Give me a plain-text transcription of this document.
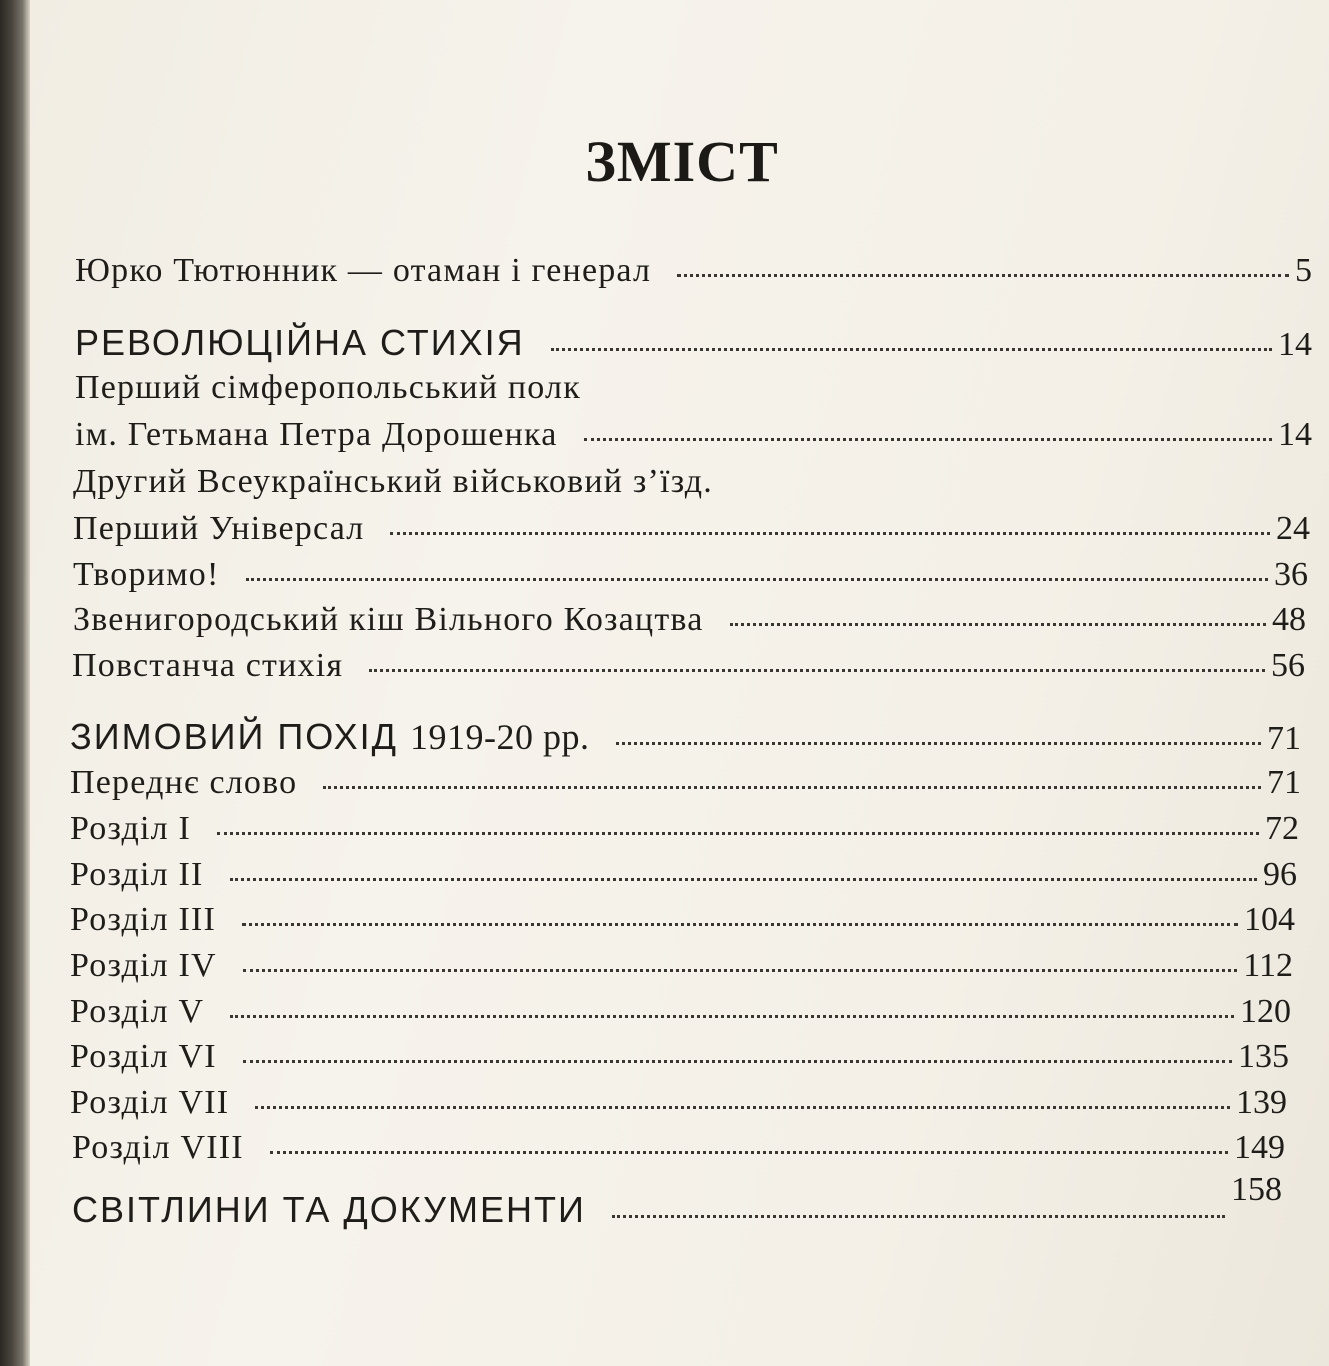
ЗМІСТ
Юрко Тютюнник — отаман і генерал	5
РЕВОЛЮЦІЙНА СТИХІЯ	14
Перший сімферопольський полк
ім. Гетьмана Петра Дорошенка	14
Другий Всеукраїнський військовий з’їзд.
Перший Універсал	24
Творимо!	36
Звенигородський кіш Вільного Козацтва	48
Повстанча стихія	56
ЗИМОВИЙ ПОХІД 1919-20 рр.	71
Переднє слово	71
Розділ І	72
Розділ ІІ	96
Розділ ІІІ	104
Розділ IV	112
Розділ V	120
Розділ VI	135
Розділ VII	139
Розділ VIII	149
СВІТЛИНИ ТА ДОКУМЕНТИ	158
